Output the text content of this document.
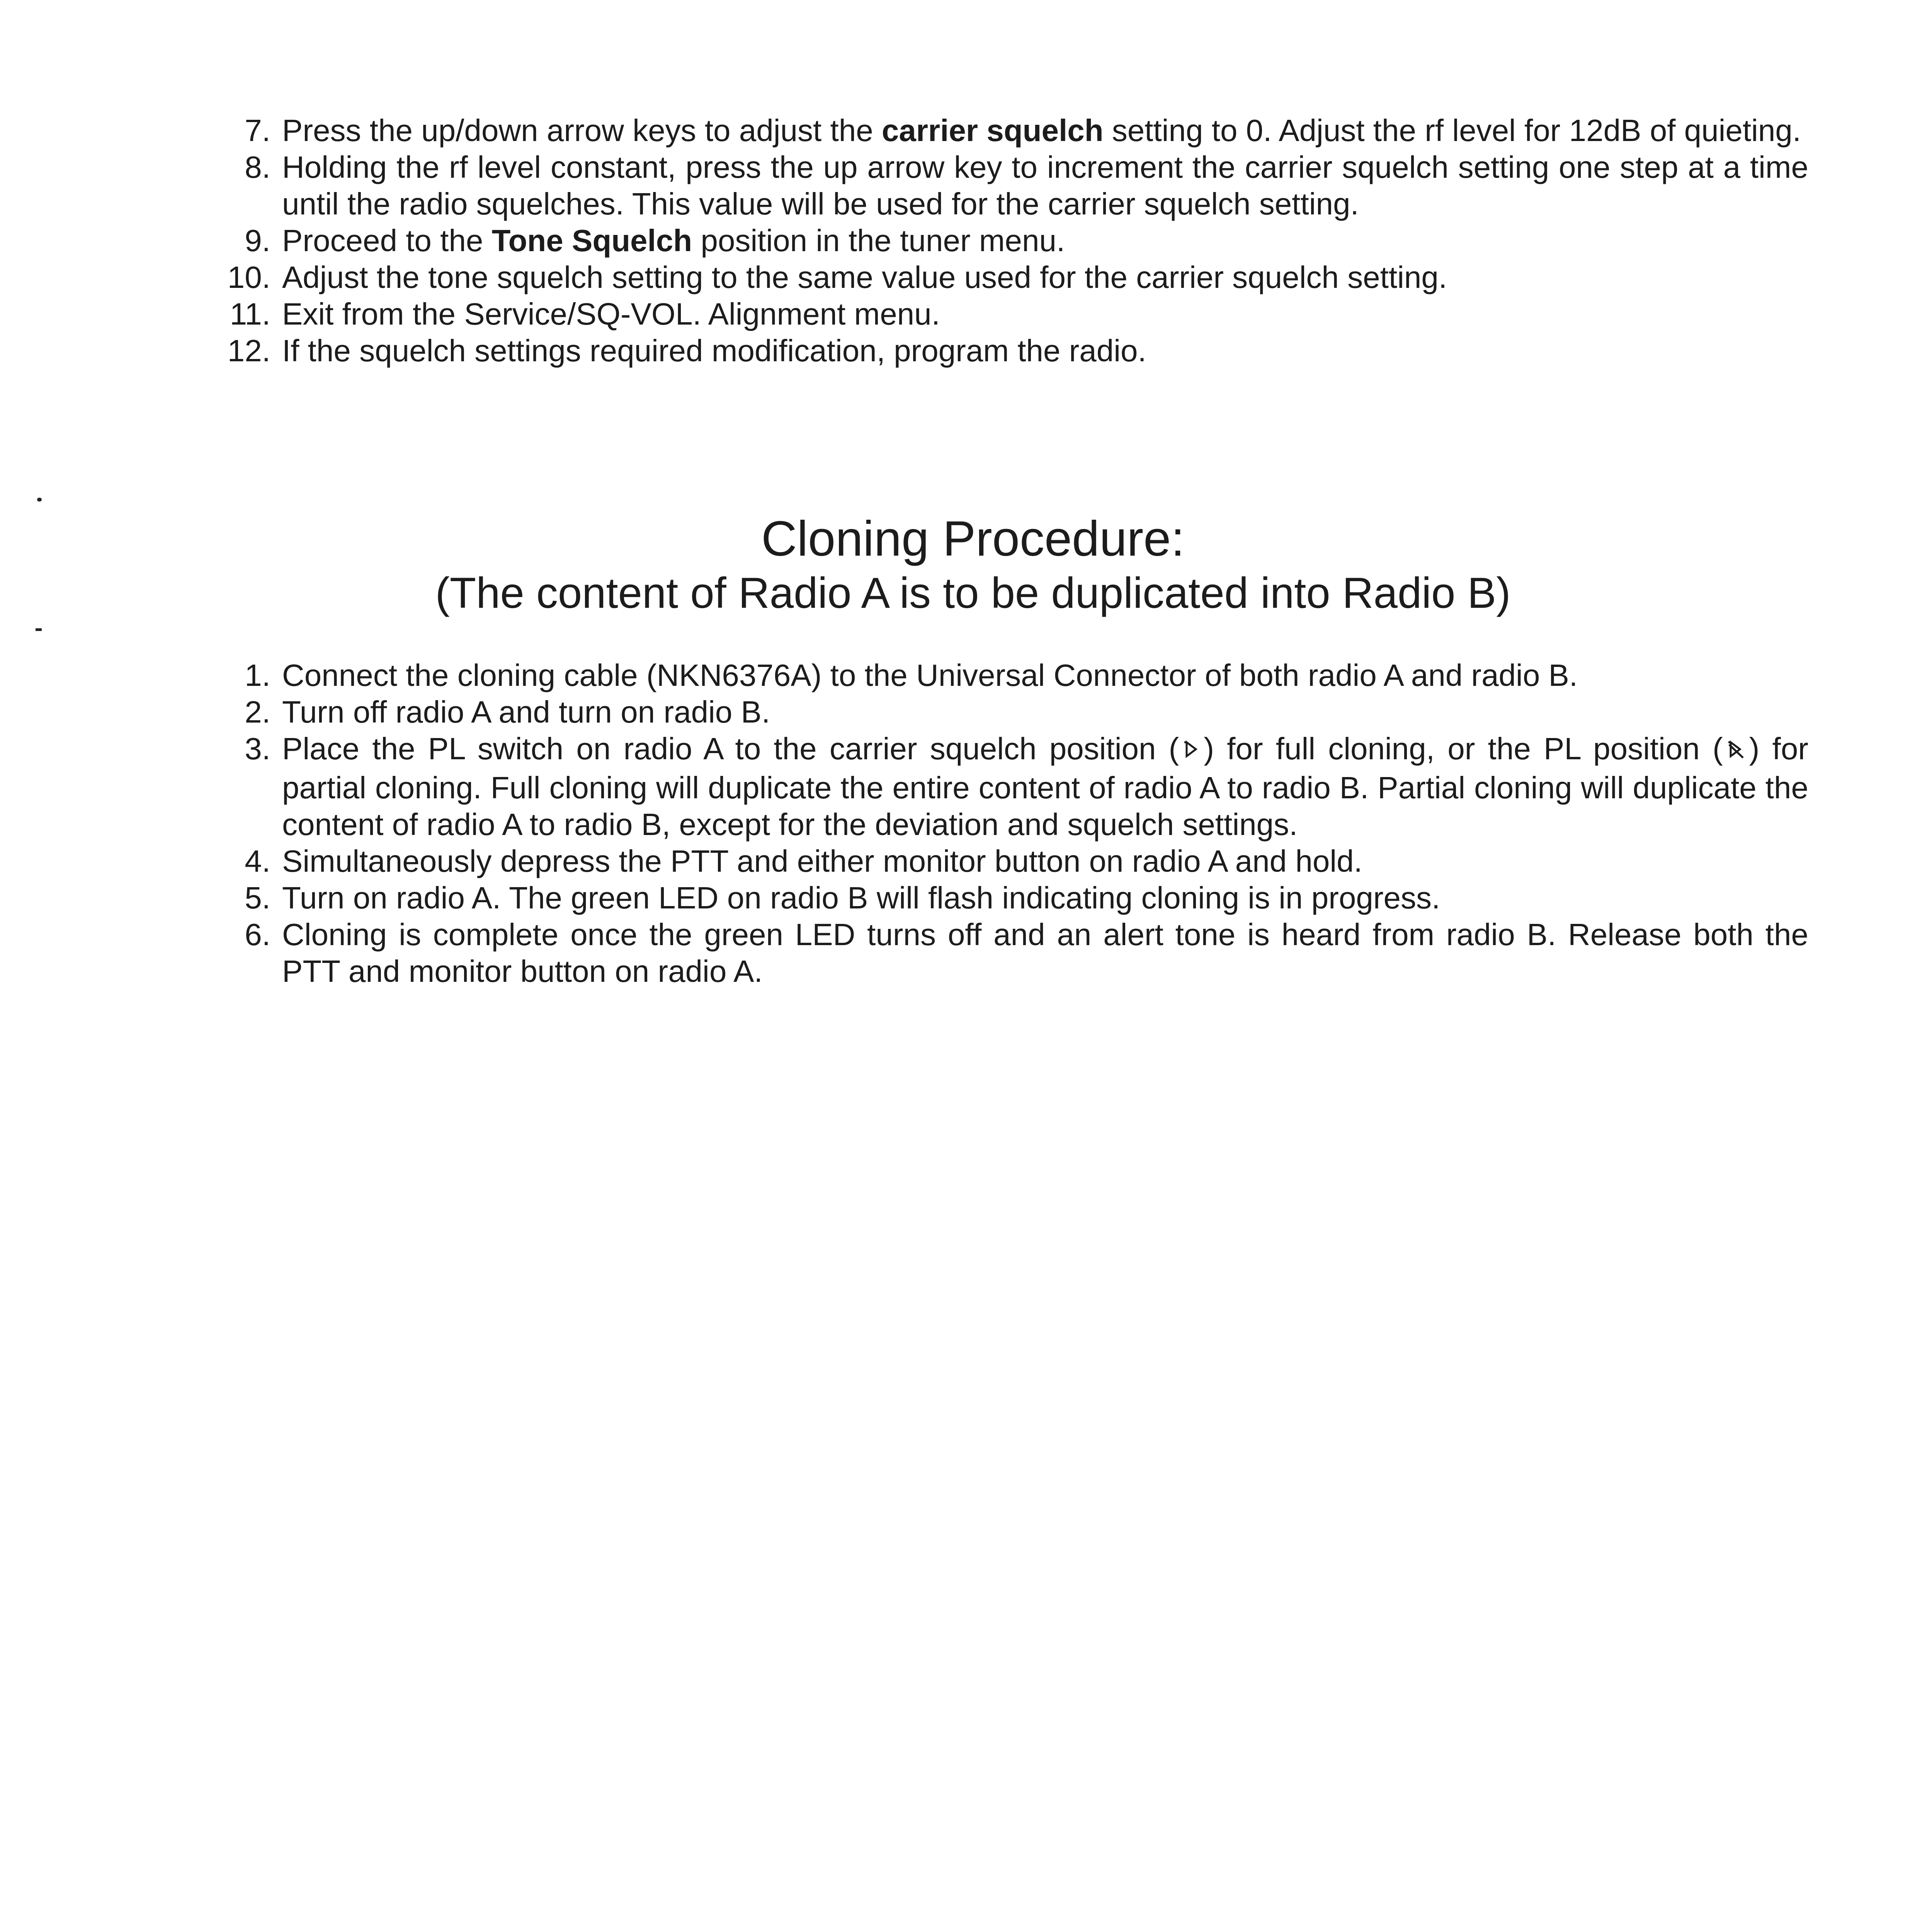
7. Press the up/down arrow keys to adjust the carrier squelch setting to 0. Adjust the rf level for 12dB of quieting.
8. Holding the rf level constant, press the up arrow key to increment the carrier squelch setting one step at a time until the radio squelches. This value will be used for the carrier squelch setting.
9. Proceed to the Tone Squelch position in the tuner menu.
10. Adjust the tone squelch setting to the same value used for the carrier squelch setting.
11. Exit from the Service/SQ-VOL. Alignment menu.
12. If the squelch settings required modification, program the radio.
Cloning Procedure:
(The content of Radio A is to be duplicated into Radio B)
1. Connect the cloning cable (NKN6376A) to the Universal Connector of both radio A and radio B.
2. Turn off radio A and turn on radio B.
3. Place the PL switch on radio A to the carrier squelch position ( ) for full cloning, or the PL position ( ) for partial cloning. Full cloning will duplicate the entire content of radio A to radio B. Partial cloning will duplicate the content of radio A to radio B, except for the deviation and squelch settings.
4. Simultaneously depress the PTT and either monitor button on radio A and hold.
5. Turn on radio A. The green LED on radio B will flash indicating cloning is in progress.
6. Cloning is complete once the green LED turns off and an alert tone is heard from radio B. Release both the PTT and monitor button on radio A.
